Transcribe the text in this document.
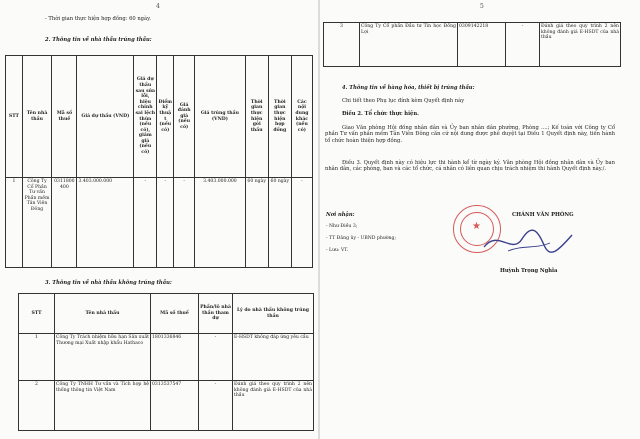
4
- Thời gian thực hiện hợp đồng: 60 ngày.
2. Thông tin về nhà thầu trúng thầu:
STT	Tên nhà thầu	Mã số thuế	Giá dự thầu (VND)	Giá dự thầu sau sửa lỗi, hiệu chỉnh sai lệch thừa (nếu có), giảm giá (nếu có)	Điểm kỹ thuật (nếu có)	Giá đánh giá (nếu có)	Giá trúng thầu (VND)	Thời gian thực hiện gói thầu	Thời gian thực hiện hợp đồng	Các nội dung khác (nếu có)
1	Công Ty Cổ Phần Tư vấn Phần mềm Tản Viên Đông	0311800400	3.403.000.000	-	-	-	3.403.000.000	60 ngày	60 ngày	-
3. Thông tin về nhà thầu không trúng thầu:
STT	Tên nhà thầu	Mã số thuế	Phần/lô nhà thầu tham dự	Lý do nhà thầu không trúng thầu
1	Công Ty Trách nhiệm hữu hạn Sản xuất Thương mại Xuất nhập khẩu Hathaco	1801336846	-	E-HSDT không đáp ứng yêu cầu
2	Công Ty TNHH Tư vấn và Tích hợp hệ thống thông tin Việt Nam	0313537547	-	Đánh giá theo quy trình 2 nên không đánh giá E-HSDT của nhà thầu
5
3	Công Ty Cổ phần Đầu tư Tin học Đồng Lợi	0309142218	-	Đánh giá theo quy trình 2 nên không đánh giá E-HSDT của nhà thầu
4. Thông tin về hàng hóa, thiết bị trúng thầu:
Chi tiết theo Phụ lục đính kèm Quyết định này
Điều 2. Tổ chức thực hiện.
Giao Văn phòng Hội đồng nhân dân và Ủy ban nhân dân phường, Phòng ....; Kế toán với Công ty Cổ phần Tư vấn phần mềm Tản Viên Đông căn cứ nội dung được phê duyệt tại Điều 1 Quyết định này, tiến hành tổ chức hoàn thiện hợp đồng.
Điều 3. Quyết định này có hiệu lực thi hành kể từ ngày ký. Văn phòng Hội đồng nhân dân và Ủy ban nhân dân, các phòng, ban và các tổ chức, cá nhân có liên quan chịu trách nhiệm thi hành Quyết định này./.
Nơi nhận:
- Như Điều 3;
- TT Đảng ủy - UBND phường;
- Lưu: VT.
CHÁNH VĂN PHÒNG
★
Huỳnh Trọng Nghĩa
